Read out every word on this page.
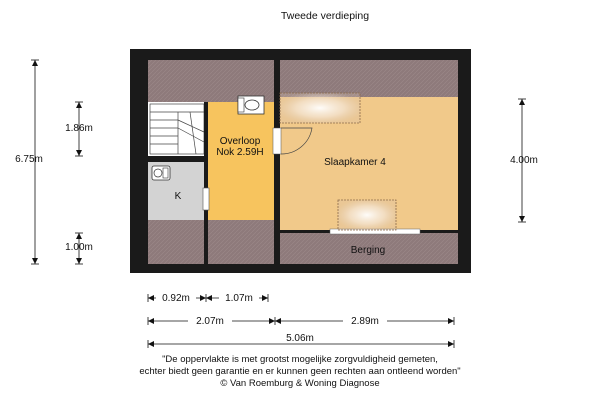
Tweede verdieping
Overloop
Nok 2.59H
Slaapkamer 4
K
Berging
6.75m
1.86m
1.00m
4.00m
0.92m	1.07m
2.07m	2.89m
5.06m
"De oppervlakte is met grootst mogelijke zorgvuldigheid gemeten,
echter biedt geen garantie en er kunnen geen rechten aan ontleend worden"
© Van Roemburg & Woning Diagnose
